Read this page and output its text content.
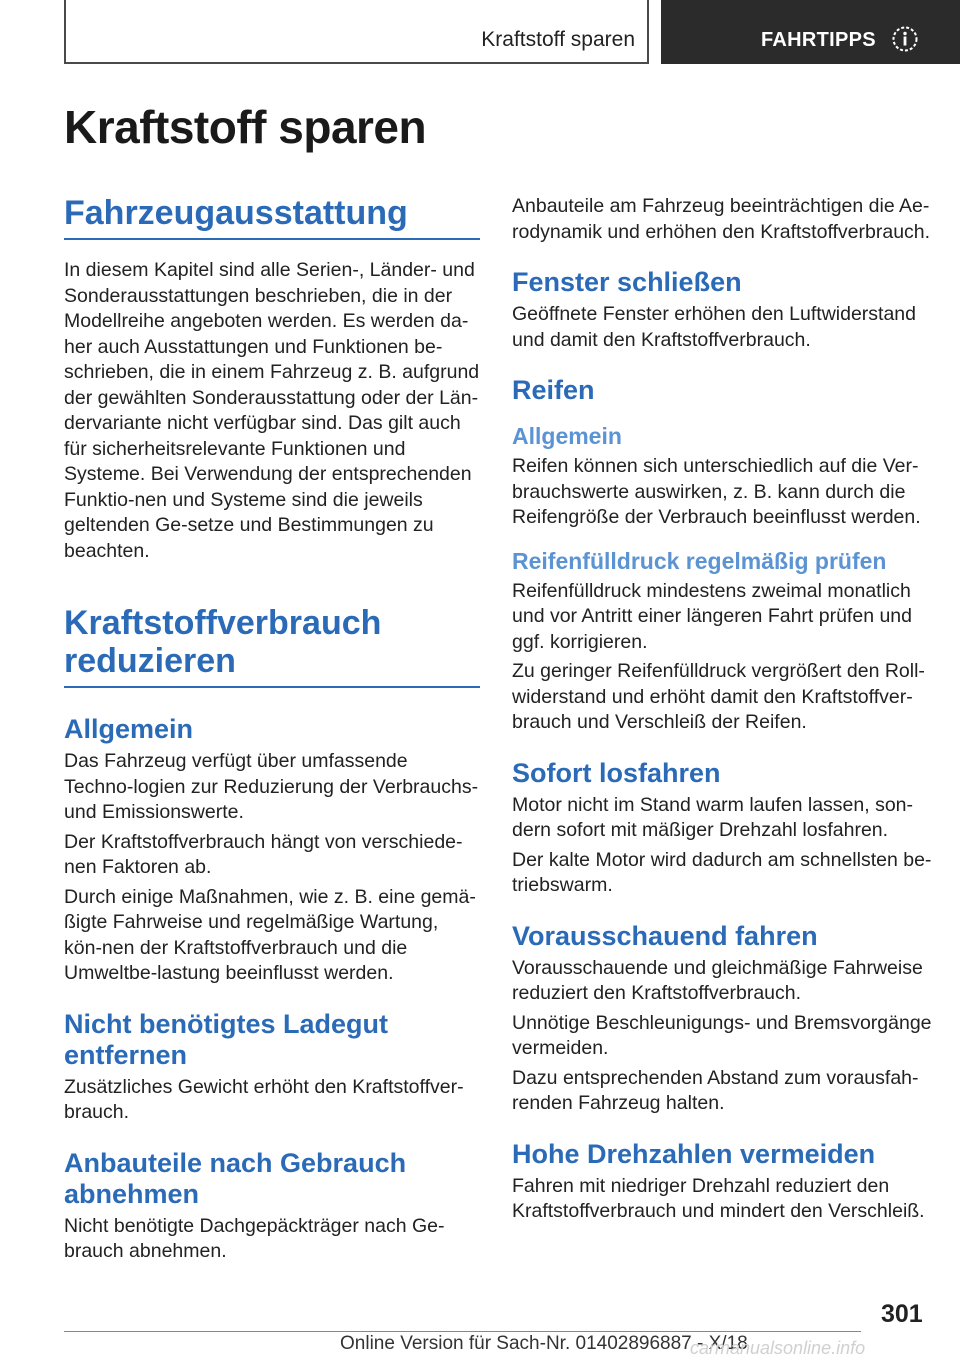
Kraftstoff sparen	FAHRTIPPS
Kraftstoff sparen
Fahrzeugausstattung

In diesem Kapitel sind alle Serien-, Länder- und Sonderausstattungen beschrieben, die in der Modellreihe angeboten werden. Es werden da-her auch Ausstattungen und Funktionen be-schrieben, die in einem Fahrzeug z. B. aufgrund der gewählten Sonderausstattung oder der Län-dervariante nicht verfügbar sind. Das gilt auch für sicherheitsrelevante Funktionen und Systeme. Bei Verwendung der entsprechenden Funktio-nen und Systeme sind die jeweils geltenden Ge-setze und Bestimmungen zu beachten.

Kraftstoffverbrauch reduzieren
Allgemein

Das Fahrzeug verfügt über umfassende Techno-logien zur Reduzierung der Verbrauchs- und Emissionswerte.

Der Kraftstoffverbrauch hängt von verschiede-nen Faktoren ab.

Durch einige Maßnahmen, wie z. B. eine gemä-ßigte Fahrweise und regelmäßige Wartung, kön-nen der Kraftstoffverbrauch und die Umweltbe-lastung beeinflusst werden.

Nicht benötigtes Ladegut entfernen

Zusätzliches Gewicht erhöht den Kraftstoffver-brauch.

Anbauteile nach Gebrauch abnehmen

Nicht benötigte Dachgepäckträger nach Ge-brauch abnehmen.

Anbauteile am Fahrzeug beeinträchtigen die Ae-rodynamik und erhöhen den Kraftstoffverbrauch.

Fenster schließen

Geöffnete Fenster erhöhen den Luftwiderstand und damit den Kraftstoffverbrauch.

Reifen
Allgemein

Reifen können sich unterschiedlich auf die Ver-brauchswerte auswirken, z. B. kann durch die Reifengröße der Verbrauch beeinflusst werden.

Reifenfülldruck regelmäßig prüfen

Reifenfülldruck mindestens zweimal monatlich und vor Antritt einer längeren Fahrt prüfen und ggf. korrigieren.

Zu geringer Reifenfülldruck vergrößert den Roll-widerstand und erhöht damit den Kraftstoffver-brauch und Verschleiß der Reifen.

Sofort losfahren

Motor nicht im Stand warm laufen lassen, son-dern sofort mit mäßiger Drehzahl losfahren.

Der kalte Motor wird dadurch am schnellsten be-triebswarm.

Vorausschauend fahren

Vorausschauende und gleichmäßige Fahrweise reduziert den Kraftstoffverbrauch.

Unnötige Beschleunigungs- und Bremsvorgänge vermeiden.

Dazu entsprechenden Abstand zum vorausfah-renden Fahrzeug halten.

Hohe Drehzahlen vermeiden

Fahren mit niedriger Drehzahl reduziert den Kraftstoffverbrauch und mindert den Verschleiß.

301
Online Version für Sach-Nr. 01402896887 - X/18
carmanualsonline.info
